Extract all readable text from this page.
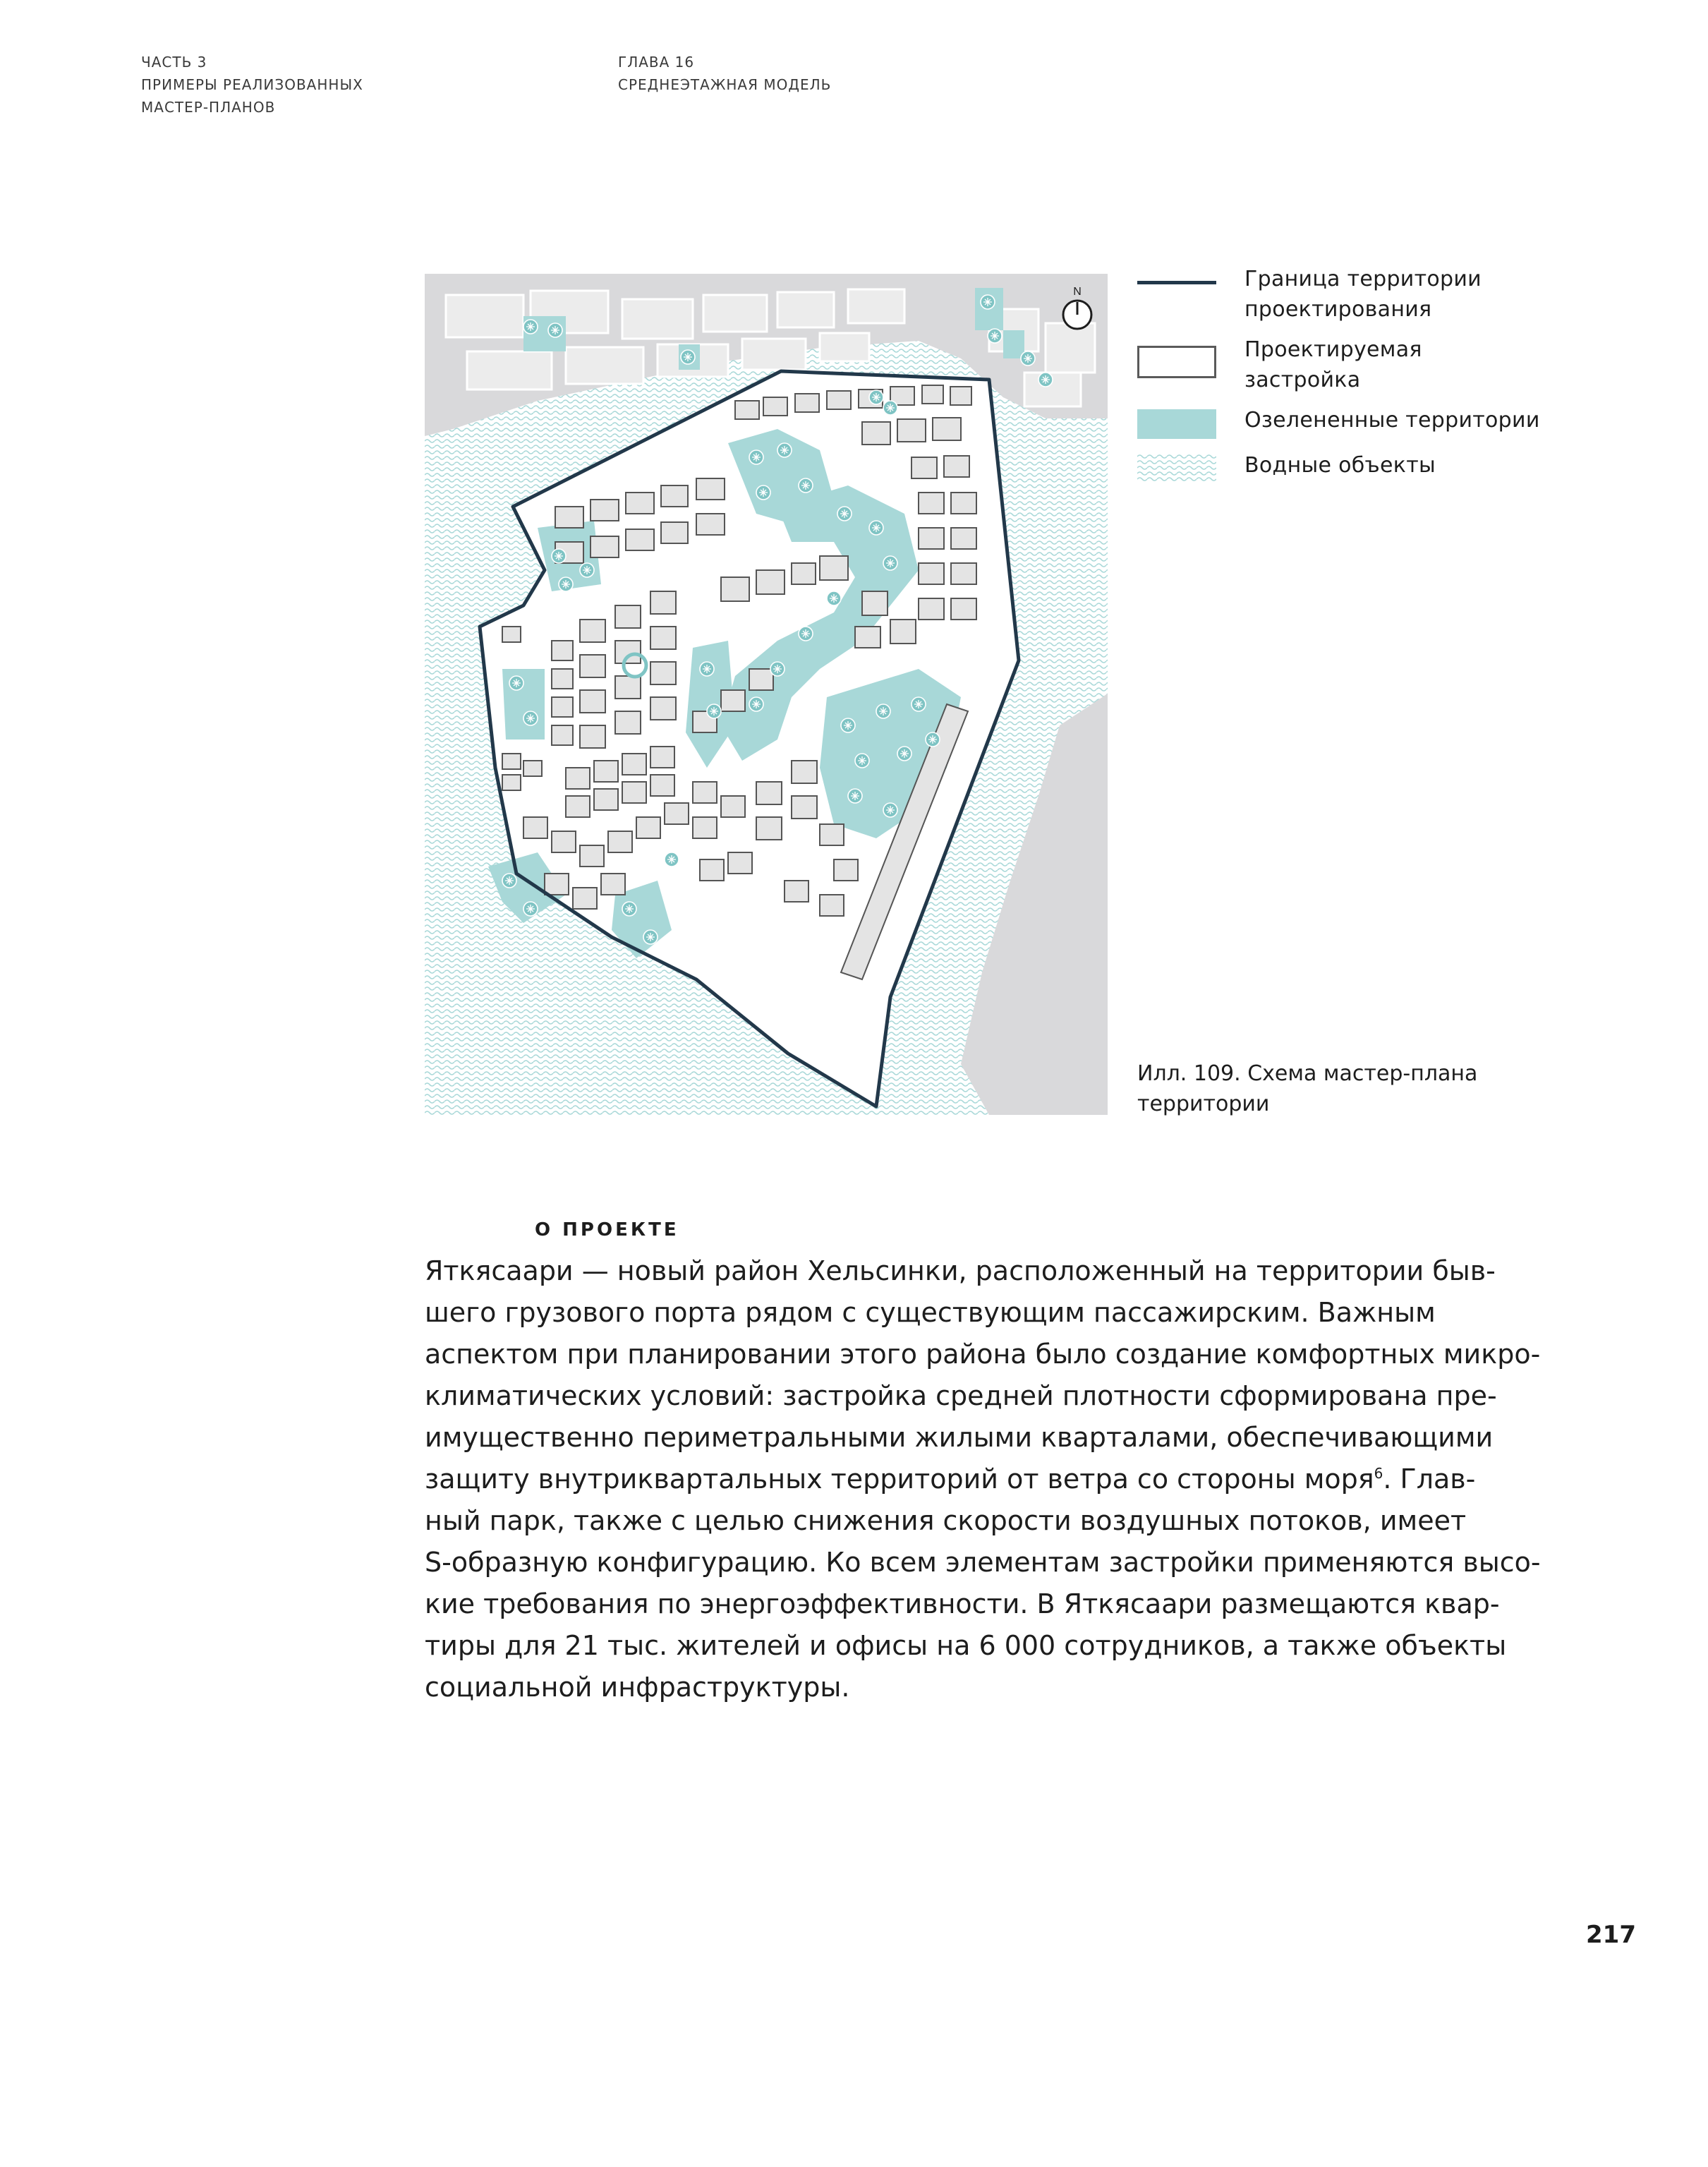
ЧАСТЬ 3
ПРИМЕРЫ РЕАЛИЗОВАННЫХ
МАСТЕР-ПЛАНОВ
ГЛАВА 16
СРЕДНЕЭТАЖНАЯ МОДЕЛЬ
N
Граница территории проектирования
Проектируемая застройка
Озелененные территории
Водные объекты
Илл. 109. Схема мастер-плана
территории
О ПРОЕКТЕ
Яткясаари — новый район Хельсинки, расположенный на территории быв-
шего грузового порта рядом с существующим пассажирским. Важным
аспектом при планировании этого района было создание комфортных микро-
климатических условий: застройка средней плотности сформирована пре-
имущественно периметральными жилыми кварталами, обеспечивающими
защиту внутриквартальных территорий от ветра со стороны моря$^6$. Глав-
ный парк, также с целью снижения скорости воздушных потоков, имеет
S-образную конфигурацию. Ко всем элементам застройки применяются высо-
кие требования по энергоэффективности. В Яткясаари размещаются квар-
тиры для 21 тыс. жителей и офисы на 6 000 сотрудников, а также объекты
социальной инфраструктуры.
217
